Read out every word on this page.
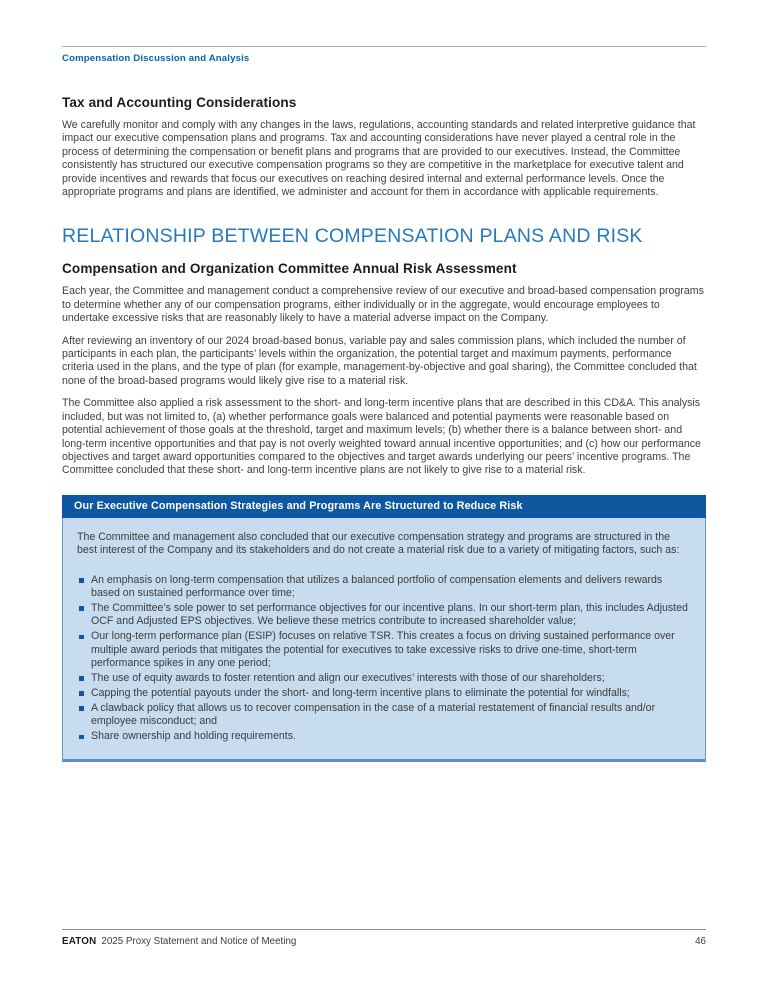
Compensation Discussion and Analysis
Tax and Accounting Considerations

We carefully monitor and comply with any changes in the laws, regulations, accounting standards and related interpretive guidance that impact our executive compensation plans and programs. Tax and accounting considerations have never played a central role in the process of determining the compensation or benefit plans and programs that are provided to our executives. Instead, the Committee consistently has structured our executive compensation programs so they are competitive in the marketplace for executive talent and provide incentives and rewards that focus our executives on reaching desired internal and external performance levels. Once the appropriate programs and plans are identified, we administer and account for them in accordance with applicable requirements.

RELATIONSHIP BETWEEN COMPENSATION PLANS AND RISK
Compensation and Organization Committee Annual Risk Assessment

Each year, the Committee and management conduct a comprehensive review of our executive and broad-based compensation programs to determine whether any of our compensation programs, either individually or in the aggregate, would encourage employees to undertake excessive risks that are reasonably likely to have a material adverse impact on the Company.

After reviewing an inventory of our 2024 broad-based bonus, variable pay and sales commission plans, which included the number of participants in each plan, the participants’ levels within the organization, the potential target and maximum payments, performance criteria used in the plans, and the type of plan (for example, management-by-objective and goal sharing), the Committee concluded that none of the broad-based programs would likely give rise to a material risk.

The Committee also applied a risk assessment to the short- and long-term incentive plans that are described in this CD&A. This analysis included, but was not limited to, (a) whether performance goals were balanced and potential payments were reasonable based on potential achievement of those goals at the threshold, target and maximum levels; (b) whether there is a balance between short- and long-term incentive opportunities and that pay is not overly weighted toward annual incentive opportunities; and (c) how our performance objectives and target award opportunities compared to the objectives and target awards underlying our peers’ incentive programs. The Committee concluded that these short- and long-term incentive plans are not likely to give rise to a material risk.

Our Executive Compensation Strategies and Programs Are Structured to Reduce Risk

The Committee and management also concluded that our executive compensation strategy and programs are structured in the best interest of the Company and its stakeholders and do not create a material risk due to a variety of mitigating factors, such as:

An emphasis on long-term compensation that utilizes a balanced portfolio of compensation elements and delivers rewards based on sustained performance over time;
The Committee’s sole power to set performance objectives for our incentive plans. In our short-term plan, this includes Adjusted OCF and Adjusted EPS objectives. We believe these metrics contribute to increased shareholder value;
Our long-term performance plan (ESIP) focuses on relative TSR. This creates a focus on driving sustained performance over multiple award periods that mitigates the potential for executives to take excessive risks to drive one-time, short-term performance spikes in any one period;
The use of equity awards to foster retention and align our executives’ interests with those of our shareholders;
Capping the potential payouts under the short- and long-term incentive plans to eliminate the potential for windfalls;
A clawback policy that allows us to recover compensation in the case of a material restatement of financial results and/or employee misconduct; and
Share ownership and holding requirements.
EATON 2025 Proxy Statement and Notice of Meeting	46
